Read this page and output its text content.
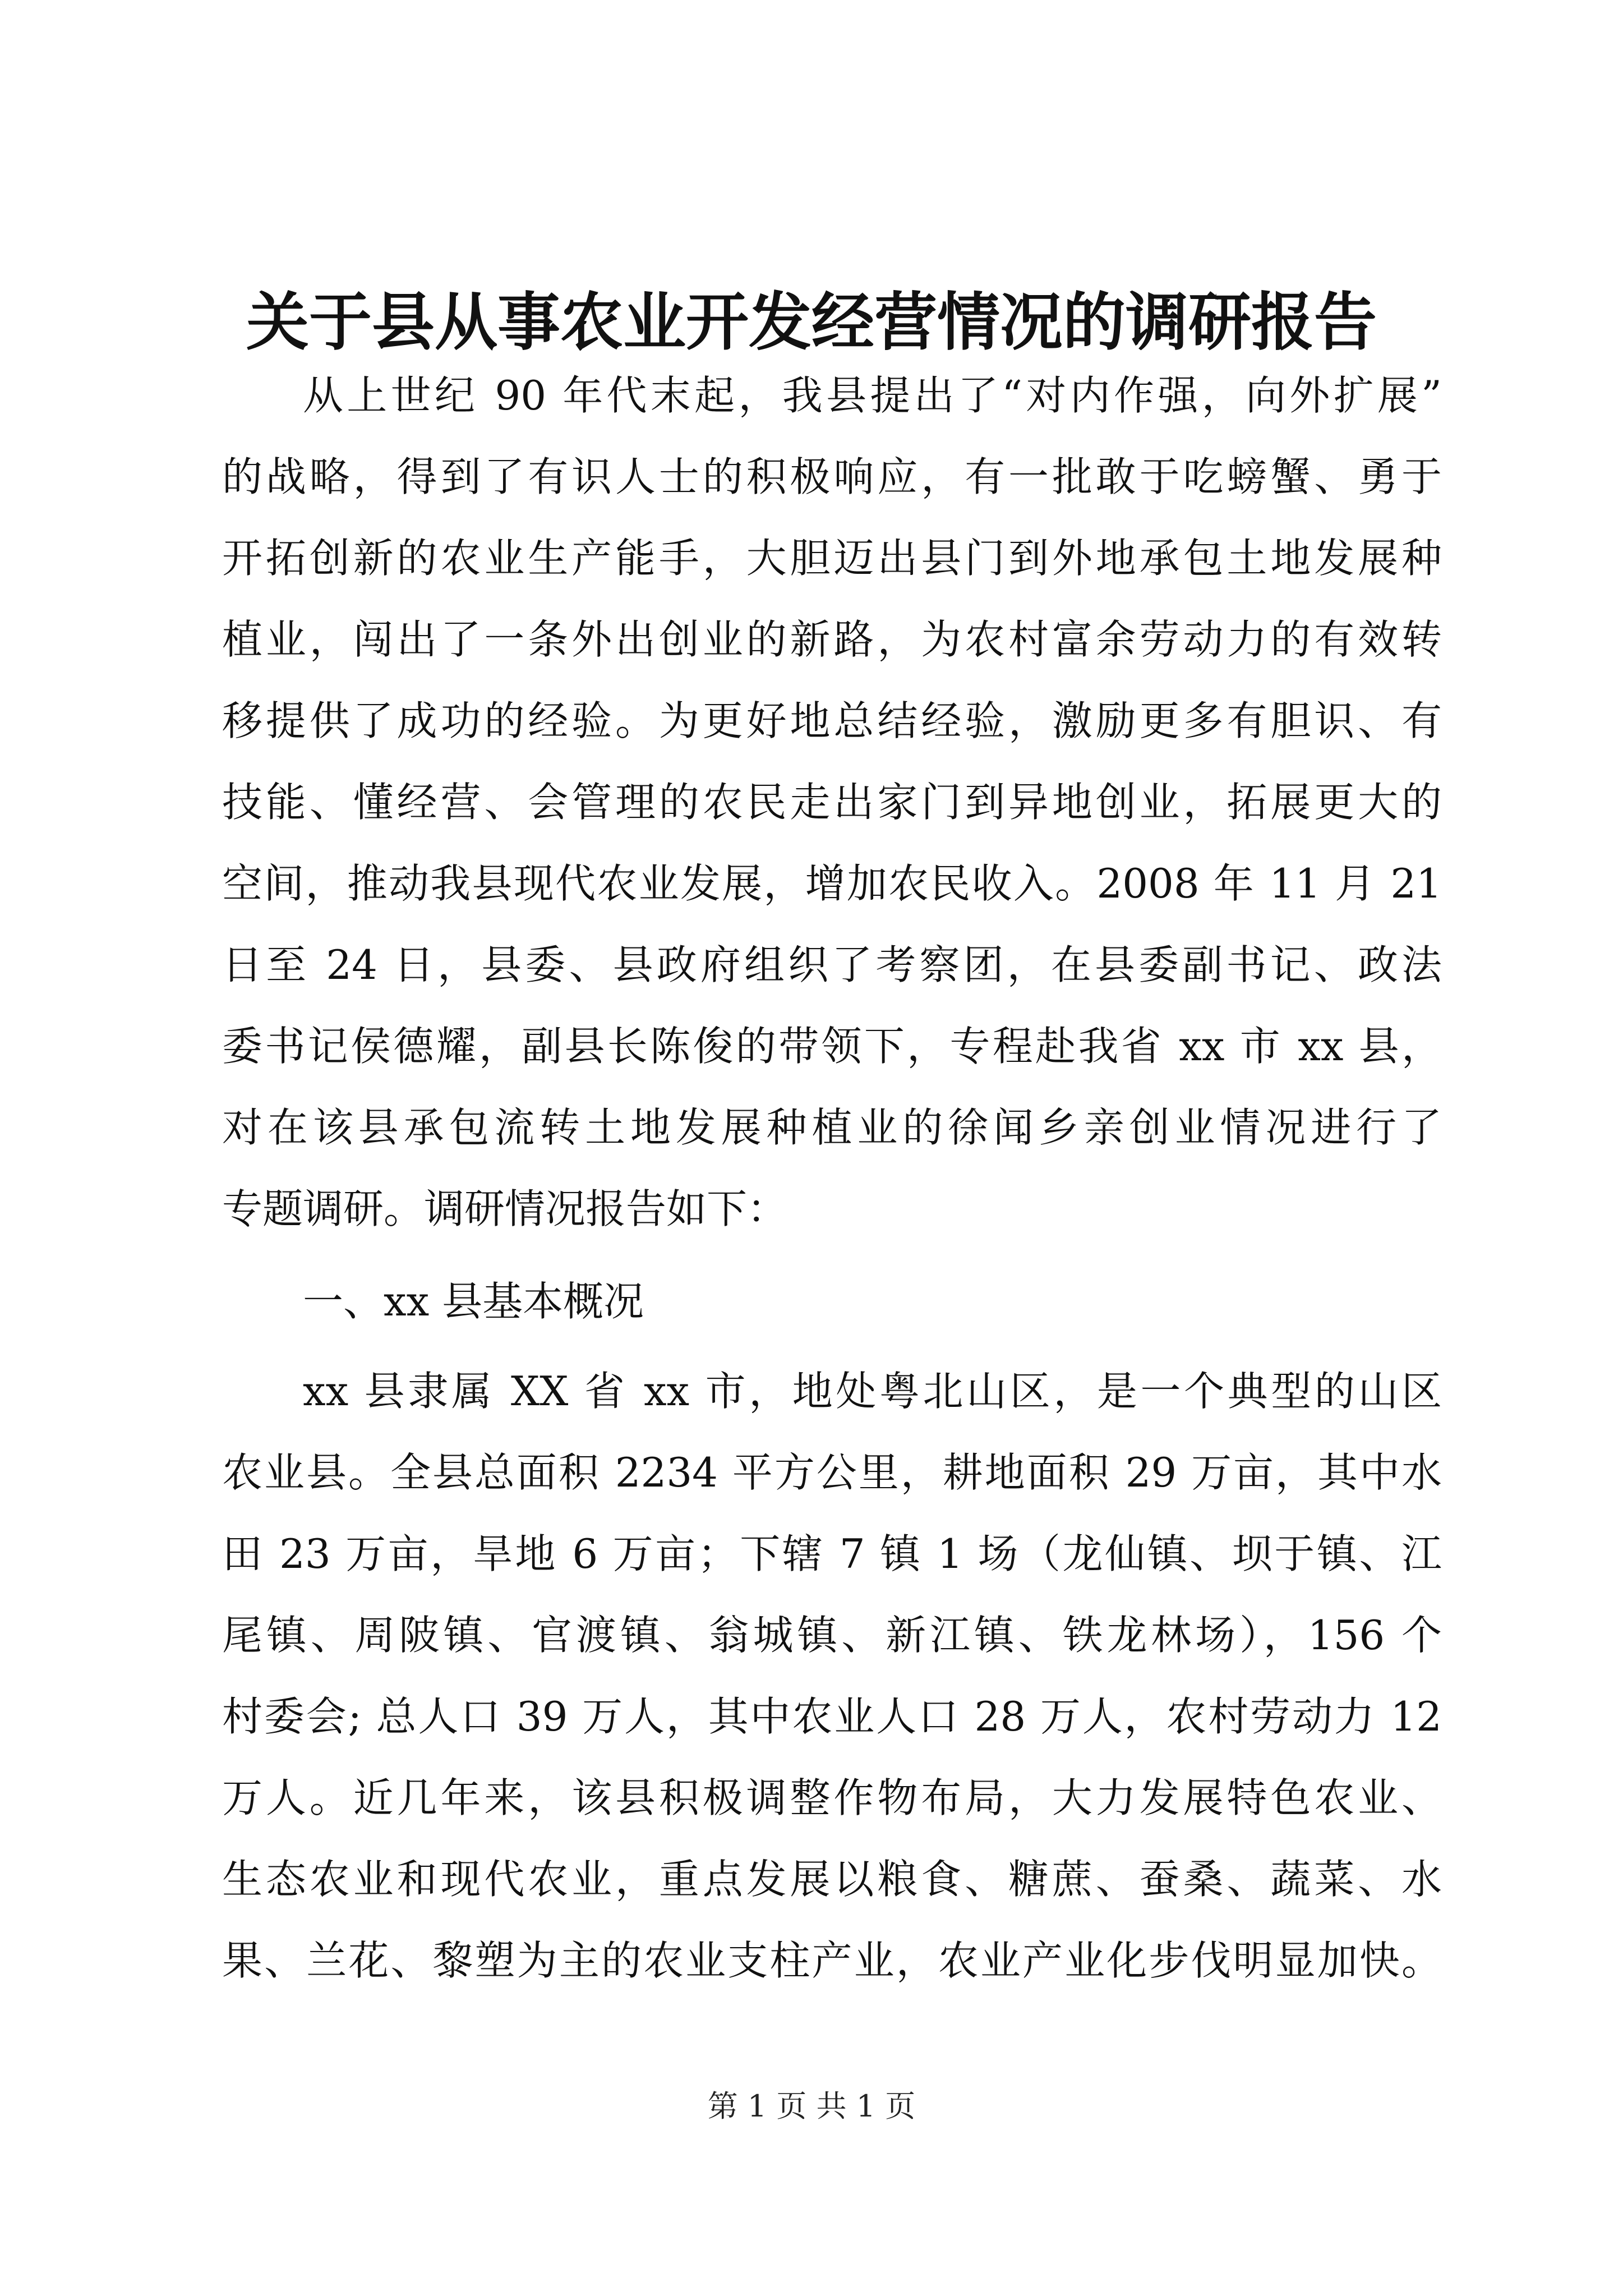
关于县从事农业开发经营情况的调研报告
从上世纪 90 年代末起，我县提出了“对内作强，向外扩展”
的战略，得到了有识人士的积极响应，有一批敢于吃螃蟹、勇于
开拓创新的农业生产能手，大胆迈出县门到外地承包土地发展种
植业，闯出了一条外出创业的新路，为农村富余劳动力的有效转
移提供了成功的经验。为更好地总结经验，激励更多有胆识、有
技能、懂经营、会管理的农民走出家门到异地创业，拓展更大的
空间，推动我县现代农业发展，增加农民收入。2008 年 11 月 21
日至 24 日，县委、县政府组织了考察团，在县委副书记、政法
委书记侯德耀，副县长陈俊的带领下，专程赴我省 xx 市 xx 县，
对在该县承包流转土地发展种植业的徐闻乡亲创业情况进行了
专题调研。调研情况报告如下：
一、xx 县基本概况
xx 县隶属 XX 省 xx 市，地处粤北山区，是一个典型的山区
农业县。全县总面积 2234 平方公里，耕地面积 29 万亩，其中水
田 23 万亩，旱地 6 万亩；下辖 7 镇 1 场（龙仙镇、坝于镇、江
尾镇、周陂镇、官渡镇、翁城镇、新江镇、铁龙林场），156 个
村委会; 总人口 39 万人，其中农业人口 28 万人，农村劳动力 12
万人。近几年来，该县积极调整作物布局，大力发展特色农业、
生态农业和现代农业，重点发展以粮食、糖蔗、蚕桑、蔬菜、水
果、兰花、黎塑为主的农业支柱产业，农业产业化步伐明显加快。
第 1 页 共 1 页
